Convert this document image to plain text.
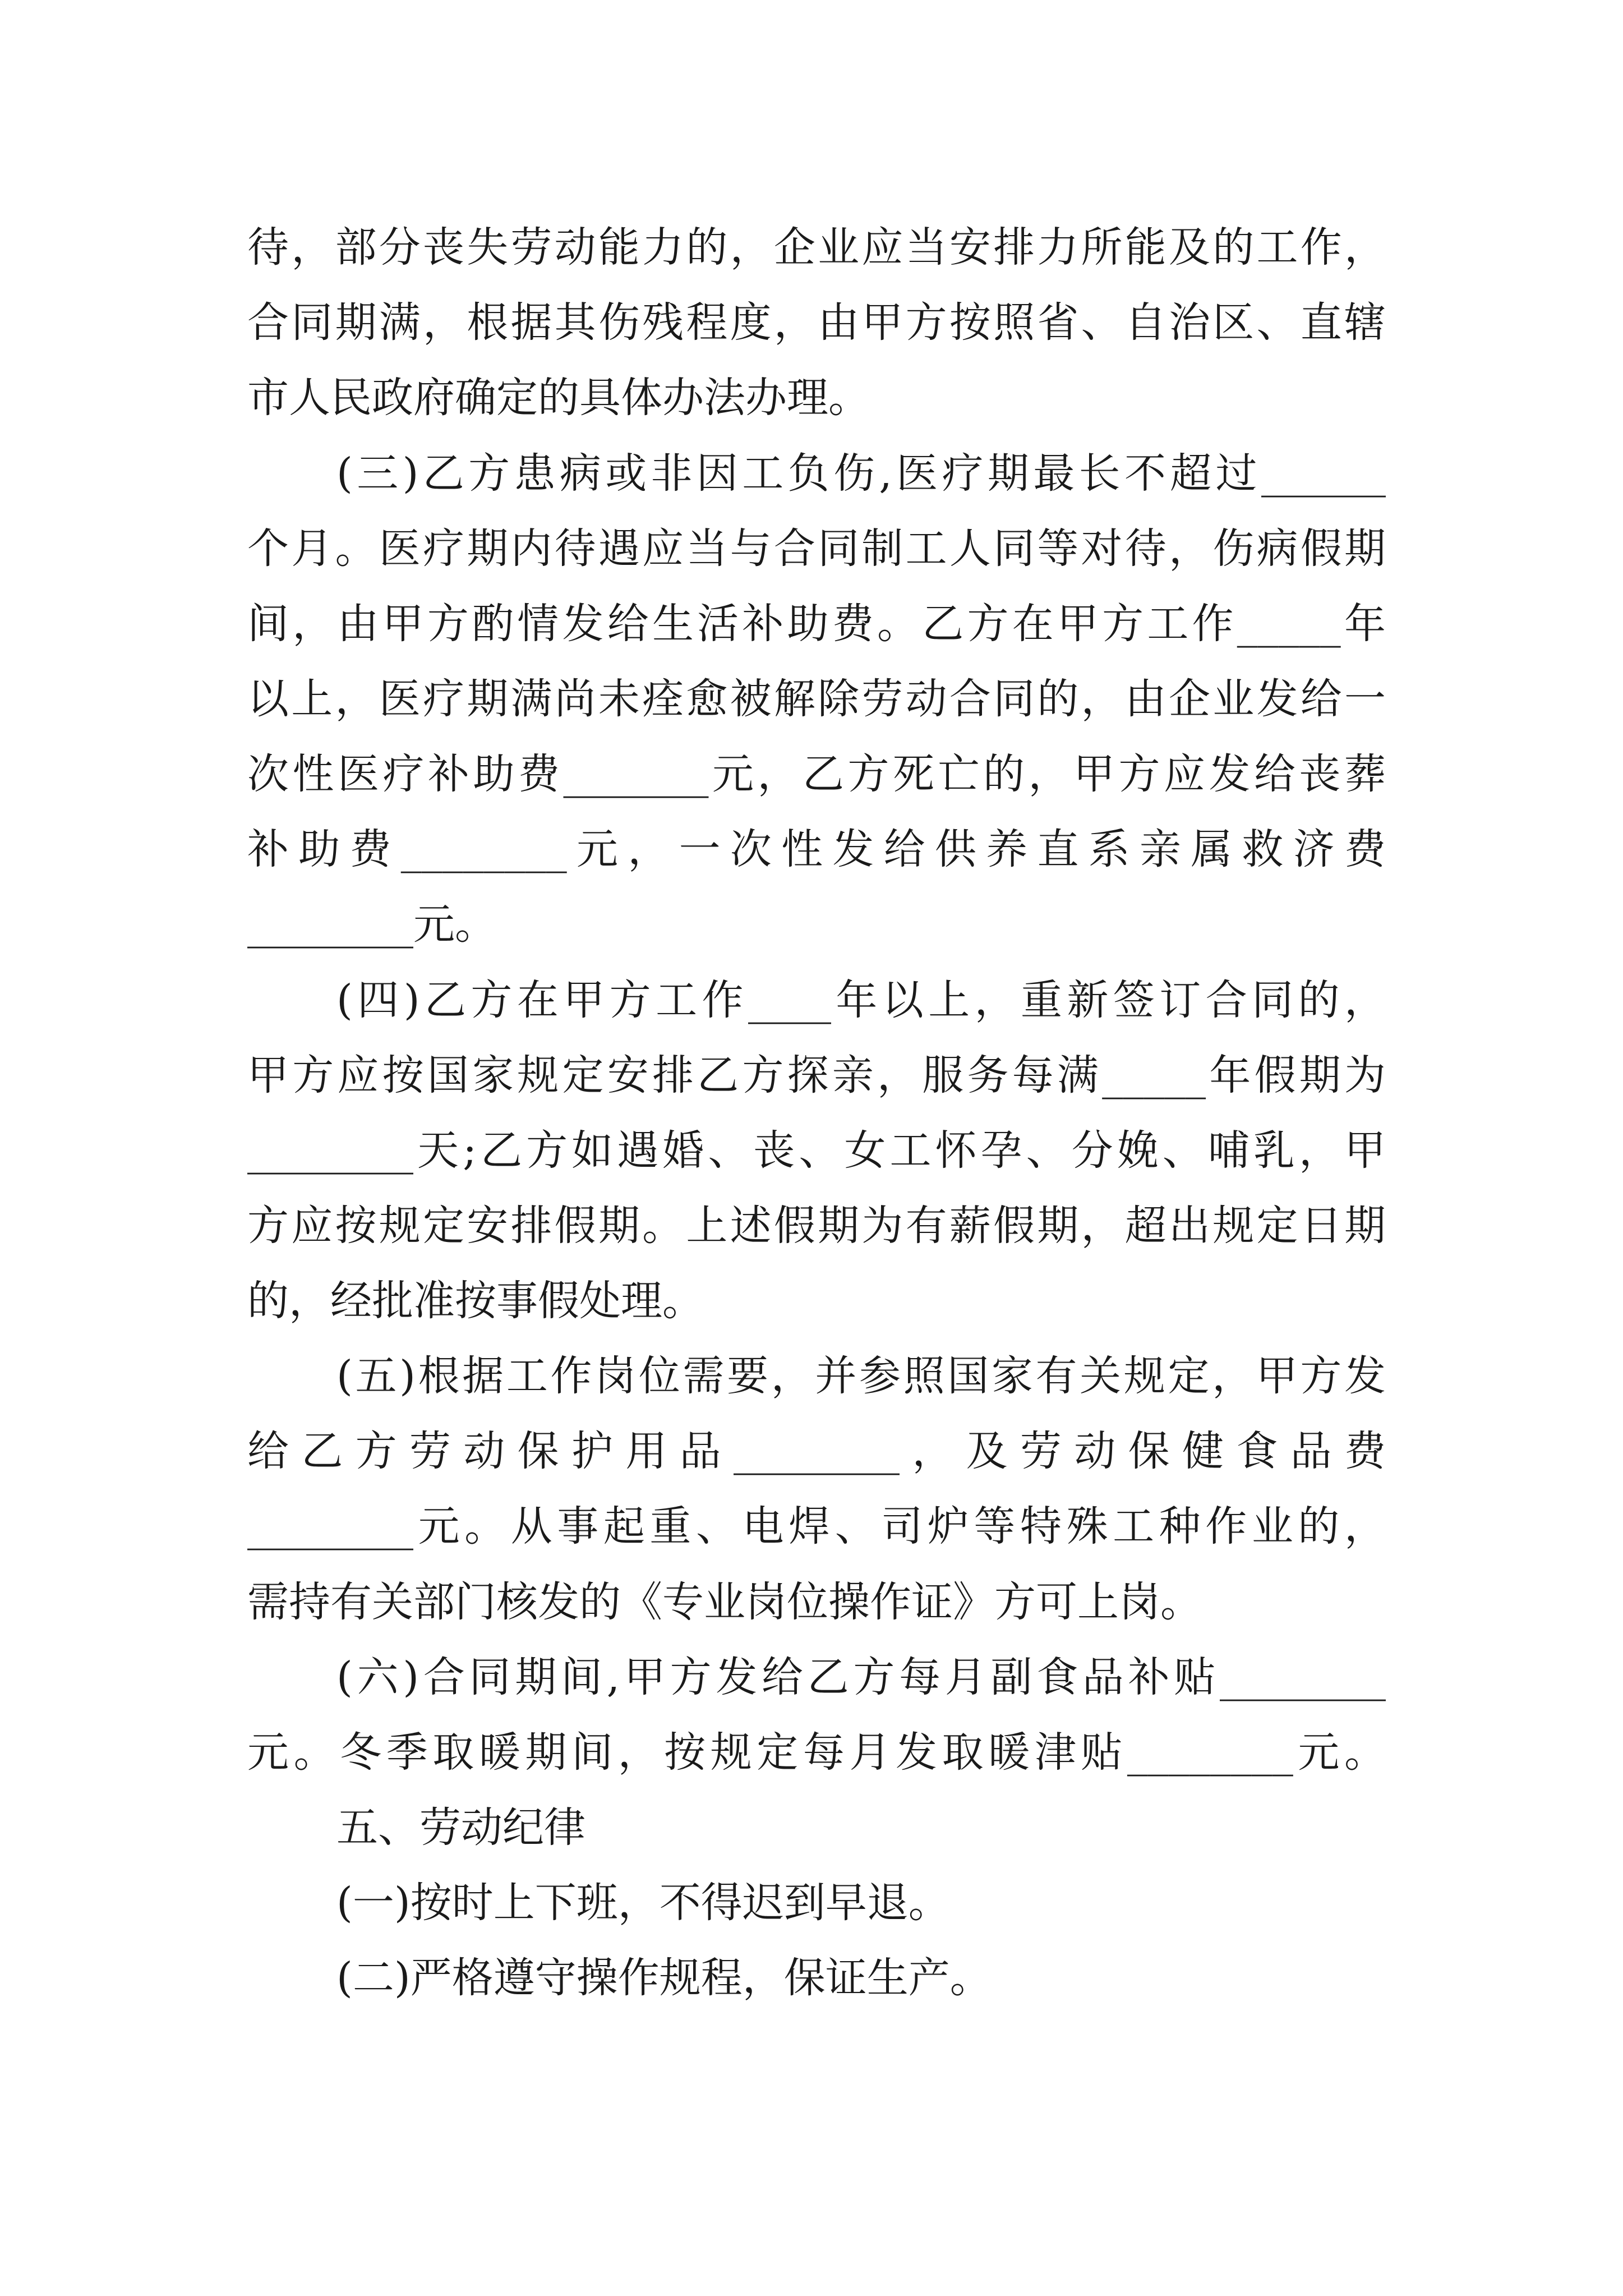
待，部分丧失劳动能力的，企业应当安排力所能及的工作，
合同期满，根据其伤残程度，由甲方按照省、自治区、直辖
市人民政府确定的具体办法办理。
(三)乙方患病或非因工负伤,医疗期最长不超过______
个月。医疗期内待遇应当与合同制工人同等对待，伤病假期
间，由甲方酌情发给生活补助费。乙方在甲方工作_____年
以上，医疗期满尚未痊愈被解除劳动合同的，由企业发给一
次性医疗补助费_______元，乙方死亡的，甲方应发给丧葬
补助费________元，一次性发给供养直系亲属救济费
________元。
(四)乙方在甲方工作____年以上，重新签订合同的，
甲方应按国家规定安排乙方探亲，服务每满_____年假期为
________天;乙方如遇婚、丧、女工怀孕、分娩、哺乳，甲
方应按规定安排假期。上述假期为有薪假期，超出规定日期
的，经批准按事假处理。
(五)根据工作岗位需要，并参照国家有关规定，甲方发
给乙方劳动保护用品________，及劳动保健食品费
________元。从事起重、电焊、司炉等特殊工种作业的，
需持有关部门核发的《专业岗位操作证》方可上岗。
(六)合同期间,甲方发给乙方每月副食品补贴________
元。冬季取暖期间，按规定每月发取暖津贴________元。
五、劳动纪律
(一)按时上下班，不得迟到早退。
(二)严格遵守操作规程，保证生产。
